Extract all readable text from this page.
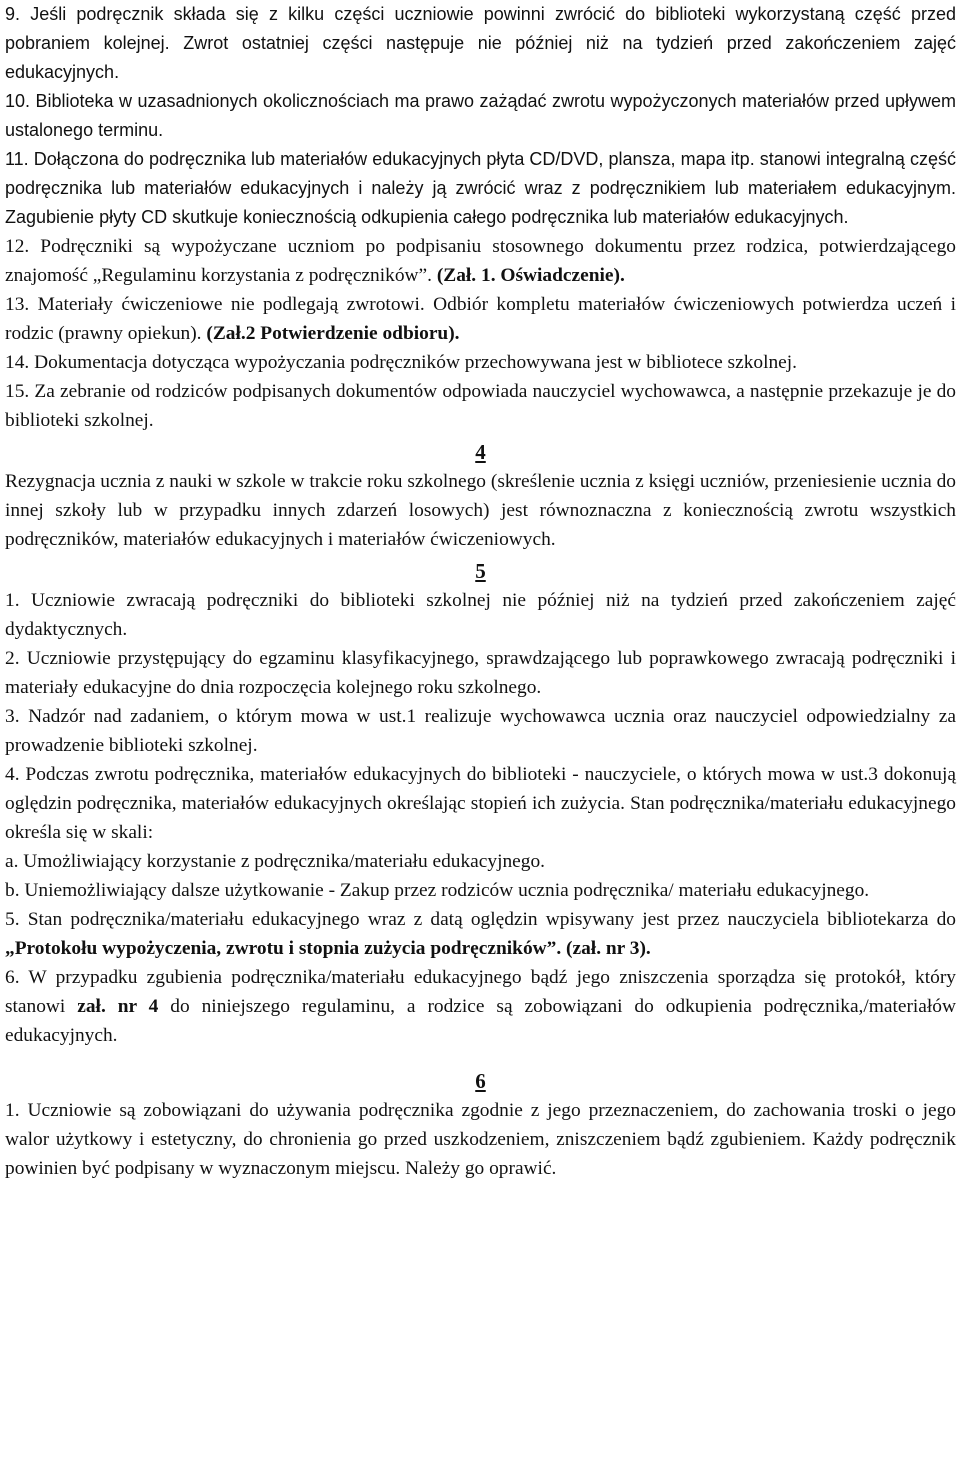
9. Jeśli podręcznik składa się z kilku części uczniowie powinni zwrócić do biblioteki wykorzystaną część przed pobraniem kolejnej. Zwrot ostatniej części następuje nie później niż na tydzień przed zakończeniem zajęć edukacyjnych.

10. Biblioteka w uzasadnionych okolicznościach ma prawo zażądać zwrotu wypożyczonych materiałów przed upływem ustalonego terminu.

11. Dołączona do podręcznika lub materiałów edukacyjnych płyta CD/DVD, plansza, mapa itp. stanowi integralną część podręcznika lub materiałów edukacyjnych i należy ją zwrócić wraz z podręcznikiem lub materiałem edukacyjnym. Zagubienie płyty CD skutkuje koniecznością odkupienia całego podręcznika lub materiałów edukacyjnych.

12. Podręczniki są wypożyczane uczniom po podpisaniu stosownego dokumentu przez rodzica, potwierdzającego znajomość „Regulaminu korzystania z podręczników”. (Zał. 1. Oświadczenie).

13. Materiały ćwiczeniowe nie podlegają zwrotowi. Odbiór kompletu materiałów ćwiczeniowych potwierdza uczeń i rodzic (prawny opiekun). (Zał.2 Potwierdzenie odbioru).

14. Dokumentacja dotycząca wypożyczania podręczników przechowywana jest w bibliotece szkolnej.

15. Za zebranie od rodziców podpisanych dokumentów odpowiada nauczyciel wychowawca, a następnie przekazuje je do biblioteki szkolnej.

4

Rezygnacja ucznia z nauki w szkole w trakcie roku szkolnego (skreślenie ucznia z księgi uczniów, przeniesienie ucznia do innej szkoły lub w przypadku innych zdarzeń losowych) jest równoznaczna z koniecznością zwrotu wszystkich podręczników, materiałów edukacyjnych i materiałów ćwiczeniowych.

5

1. Uczniowie zwracają podręczniki do biblioteki szkolnej nie później niż na tydzień przed zakończeniem zajęć dydaktycznych.

2. Uczniowie przystępujący do egzaminu klasyfikacyjnego, sprawdzającego lub poprawkowego zwracają podręczniki i materiały edukacyjne do dnia rozpoczęcia kolejnego roku szkolnego.

3. Nadzór nad zadaniem, o którym mowa w ust.1 realizuje wychowawca ucznia oraz nauczyciel odpowiedzialny za prowadzenie biblioteki szkolnej.

4. Podczas zwrotu podręcznika, materiałów edukacyjnych do biblioteki - nauczyciele, o których mowa w ust.3 dokonują oględzin podręcznika, materiałów edukacyjnych określając stopień ich zużycia. Stan podręcznika/materiału edukacyjnego określa się w skali:

a. Umożliwiający korzystanie z podręcznika/materiału edukacyjnego.

b. Uniemożliwiający dalsze użytkowanie - Zakup przez rodziców ucznia podręcznika/ materiału edukacyjnego.

5. Stan podręcznika/materiału edukacyjnego wraz z datą oględzin wpisywany jest przez nauczyciela bibliotekarza do „Protokołu wypożyczenia, zwrotu i stopnia zużycia podręczników”. (zał. nr 3).

6. W przypadku zgubienia podręcznika/materiału edukacyjnego bądź jego zniszczenia sporządza się protokół, który stanowi zał. nr 4 do niniejszego regulaminu, a rodzice są zobowiązani do odkupienia podręcznika,/materiałów edukacyjnych.

6

1. Uczniowie są zobowiązani do używania podręcznika zgodnie z jego przeznaczeniem, do zachowania troski o jego walor użytkowy i estetyczny, do chronienia go przed uszkodzeniem, zniszczeniem bądź zgubieniem. Każdy podręcznik powinien być podpisany w wyznaczonym miejscu. Należy go oprawić.
